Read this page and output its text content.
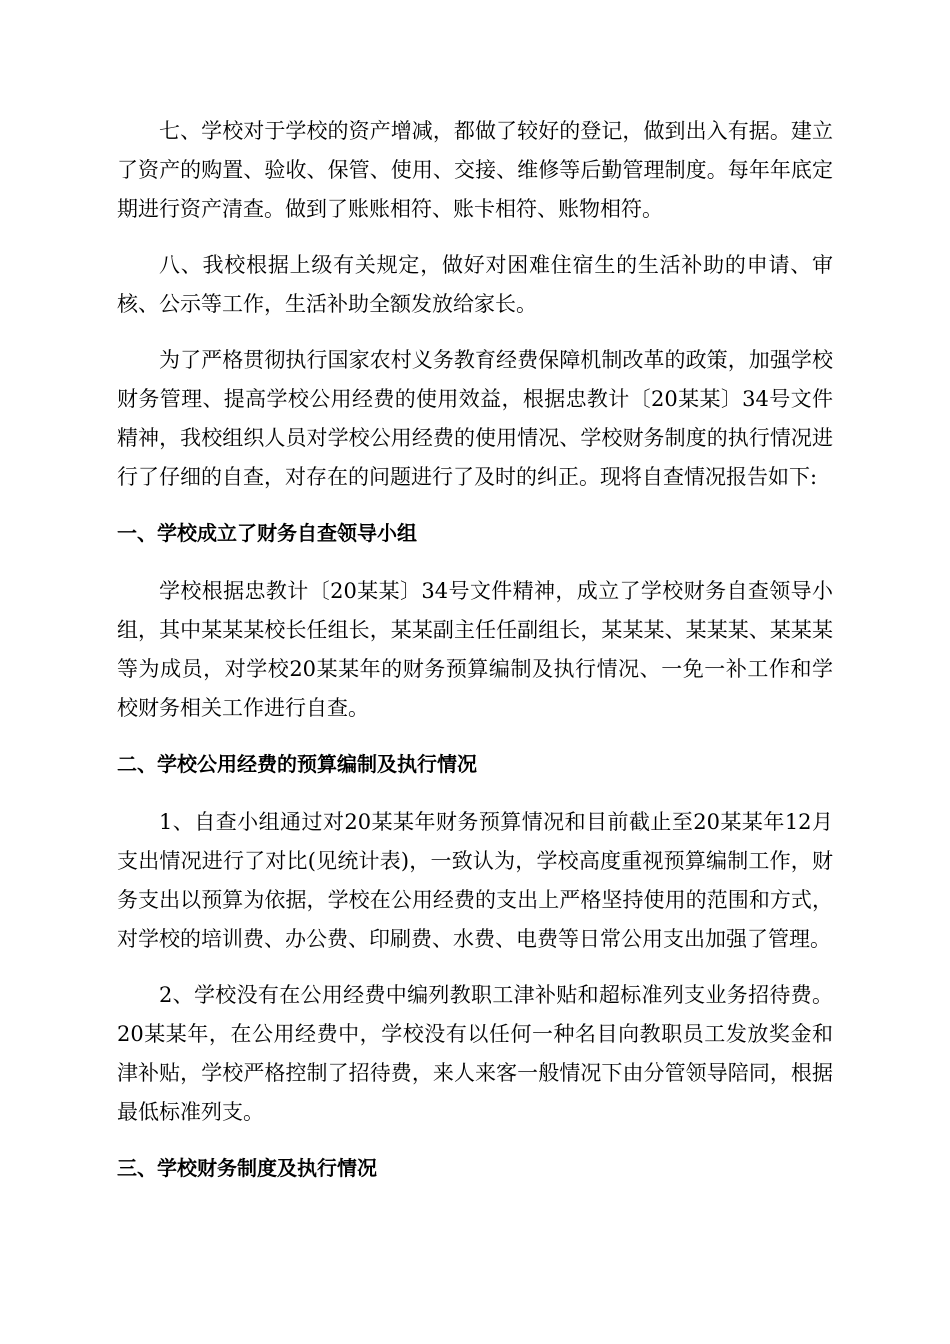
七、学校对于学校的资产增减，都做了较好的登记，做到出入有据。建立了资产的购置、验收、保管、使用、交接、维修等后勤管理制度。每年年底定期进行资产清查。做到了账账相符、账卡相符、账物相符。

八、我校根据上级有关规定，做好对困难住宿生的生活补助的申请、审核、公示等工作，生活补助全额发放给家长。

为了严格贯彻执行国家农村义务教育经费保障机制改革的政策，加强学校财务管理、提高学校公用经费的使用效益，根据忠教计〔20某某〕34号文件精神，我校组织人员对学校公用经费的使用情况、学校财务制度的执行情况进行了仔细的自查，对存在的问题进行了及时的纠正。现将自查情况报告如下:

一、学校成立了财务自查领导小组

学校根据忠教计〔20某某〕34号文件精神，成立了学校财务自查领导小组，其中某某某校长任组长，某某副主任任副组长，某某某、某某某、某某某等为成员，对学校20某某年的财务预算编制及执行情况、一免一补工作和学校财务相关工作进行自查。

二、学校公用经费的预算编制及执行情况

1、自查小组通过对20某某年财务预算情况和目前截止至20某某年12月支出情况进行了对比(见统计表)，一致认为，学校高度重视预算编制工作，财务支出以预算为依据，学校在公用经费的支出上严格坚持使用的范围和方式，对学校的培训费、办公费、印刷费、水费、电费等日常公用支出加强了管理。

2、学校没有在公用经费中编列教职工津补贴和超标准列支业务招待费。20某某年，在公用经费中，学校没有以任何一种名目向教职员工发放奖金和津补贴，学校严格控制了招待费，来人来客一般情况下由分管领导陪同，根据最低标准列支。

三、学校财务制度及执行情况
